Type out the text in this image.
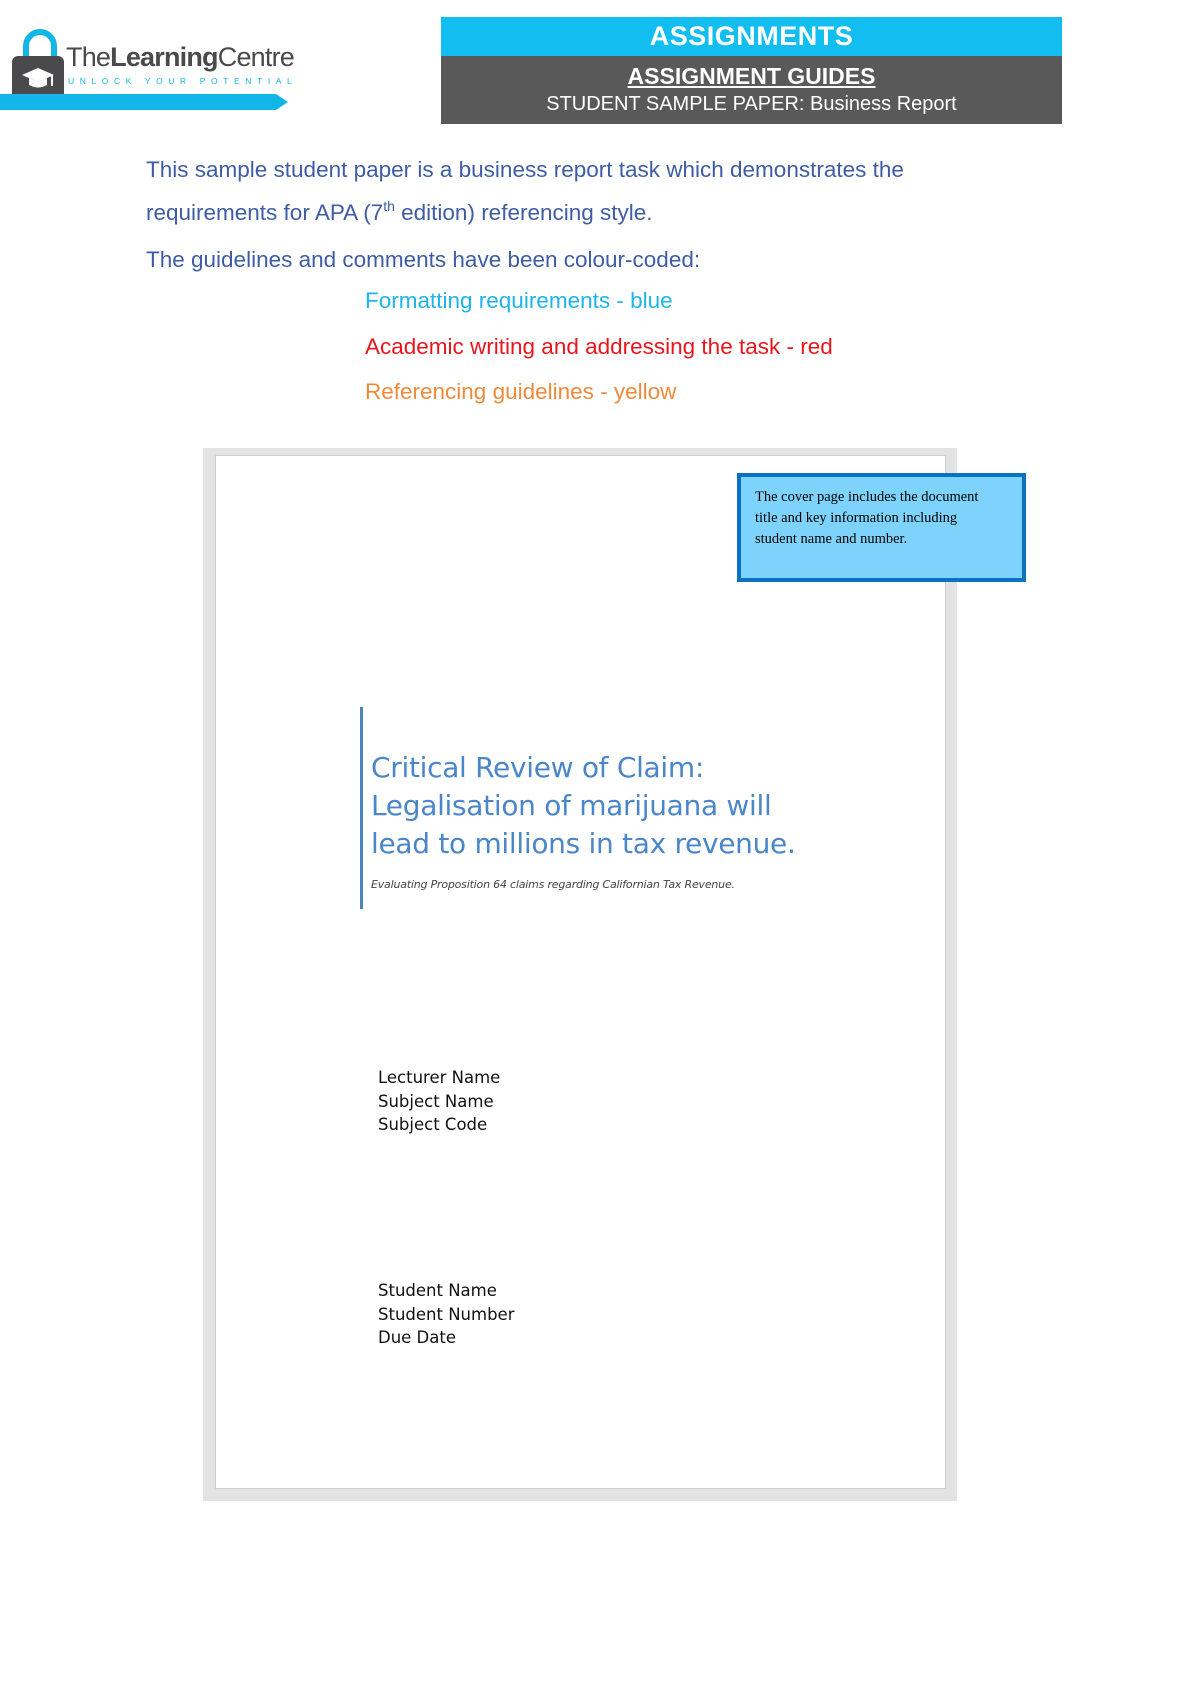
TheLearningCentre
UNLOCK YOUR POTENTIAL
ASSIGNMENTS
ASSIGNMENT GUIDES
STUDENT SAMPLE PAPER: Business Report

This sample student paper is a business report task which demonstrates the

requirements for APA (7th edition) referencing style.

The guidelines and comments have been colour-coded:

Formatting requirements - blue
Academic writing and addressing the task - red
Referencing guidelines - yellow
The cover page includes the document title and key information including student name and number.
Critical Review of Claim:
Legalisation of marijuana will
lead to millions in tax revenue.
Evaluating Proposition 64 claims regarding Californian Tax Revenue.
Lecturer Name
Subject Name
Subject Code
Student Name
Student Number
Due Date
